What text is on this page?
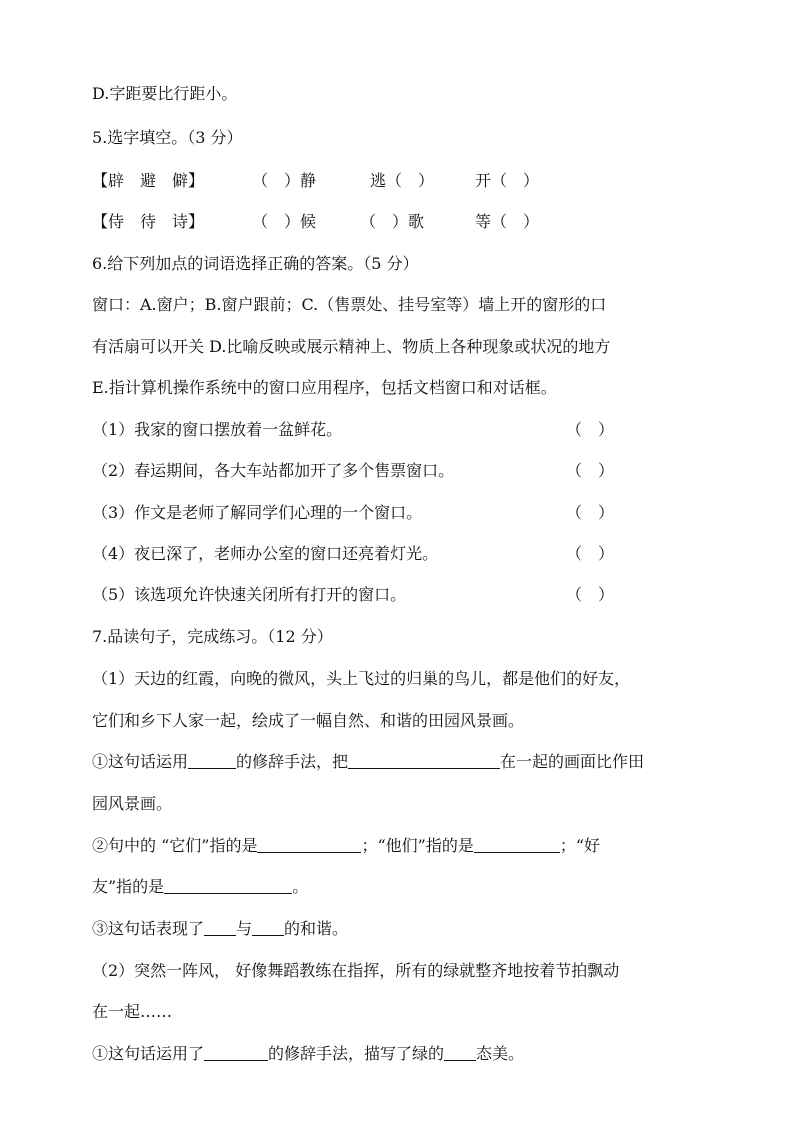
D.字距要比行距小。
5.选字填空。（3 分）
【辟　避　僻】	（　）静	逃（　）	开（　）
【侍　待　诗】	（　）候	（　）歌	等（　）
6.给下列加点的词语选择正确的答案。（5 分）
窗口：A.窗户；B.窗户跟前；C.（售票处、挂号室等）墙上开的窗形的口
有活扇可以开关 D.比喻反映或展示精神上、物质上各种现象或状况的地方
E.指计算机操作系统中的窗口应用程序，包括文档窗口和对话框。
（1）我家的窗口摆放着一盆鲜花。	（　）
（2）春运期间，各大车站都加开了多个售票窗口。	（　）
（3）作文是老师了解同学们心理的一个窗口。	（　）
（4）夜已深了，老师办公室的窗口还亮着灯光。	（　）
（5）该选项允许快速关闭所有打开的窗口。	（　）
7.品读句子，完成练习。（12 分）
（1）天边的红霞，向晚的微风，头上飞过的归巢的鸟儿，都是他们的好友，
它们和乡下人家一起，绘成了一幅自然、和谐的田园风景画。
①这句话运用	的修辞手法，把	在一起的画面比作田
园风景画。
②句中的 “它们”指的是	；“他们”指的是	；“好
友”指的是	。
③这句话表现了 与 的和谐。
（2）突然一阵风， 好像舞蹈教练在指挥，所有的绿就整齐地按着节拍飘动
在一起……
①这句话运用了	的修辞手法，描写了绿的 态美。
